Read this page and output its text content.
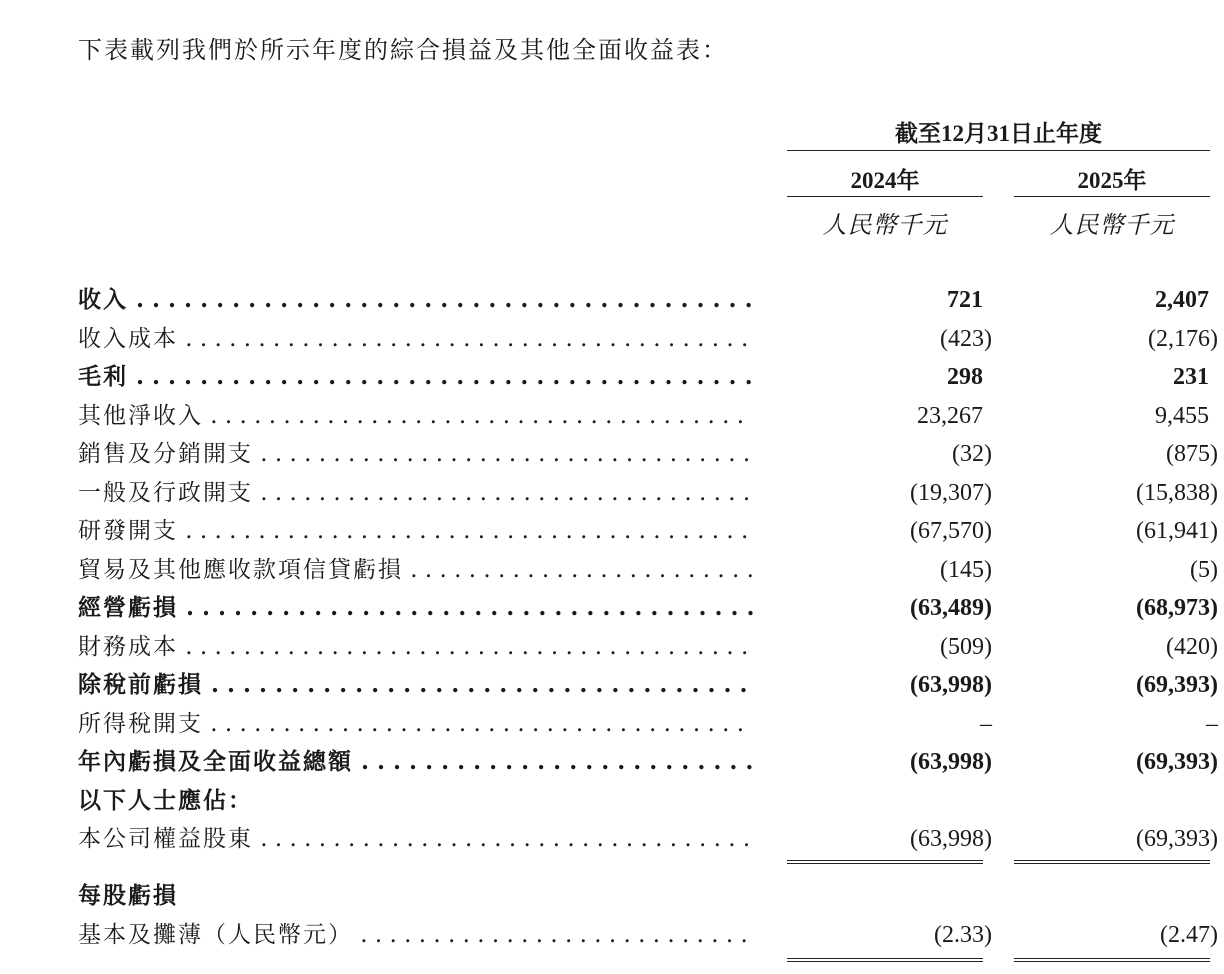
下表載列我們於所示年度的綜合損益及其他全面收益表：
截至12月31日止年度
2024年	2025年
人民幣千元	人民幣千元
收入 . . .	721	2,407
收入成本 . . .	(423)	(2,176)
毛利 . . .	298	231
其他淨收入 . . .	23,267	9,455
銷售及分銷開支 . . .	(32)	(875)
一般及行政開支 . . .	(19,307)	(15,838)
研發開支 . . .	(67,570)	(61,941)
貿易及其他應收款項信貸虧損 . . .	(145)	(5)
經營虧損 . . .	(63,489)	(68,973)
財務成本 . . .	(509)	(420)
除稅前虧損 . . .	(63,998)	(69,393)
所得稅開支 . . .	–	–
年內虧損及全面收益總額 . . .	(63,998)	(69,393)
以下人士應佔：
本公司權益股東 . . .	(63,998)	(69,393)
每股虧損
基本及攤薄（人民幣元） . . .	(2.33)	(2.47)
